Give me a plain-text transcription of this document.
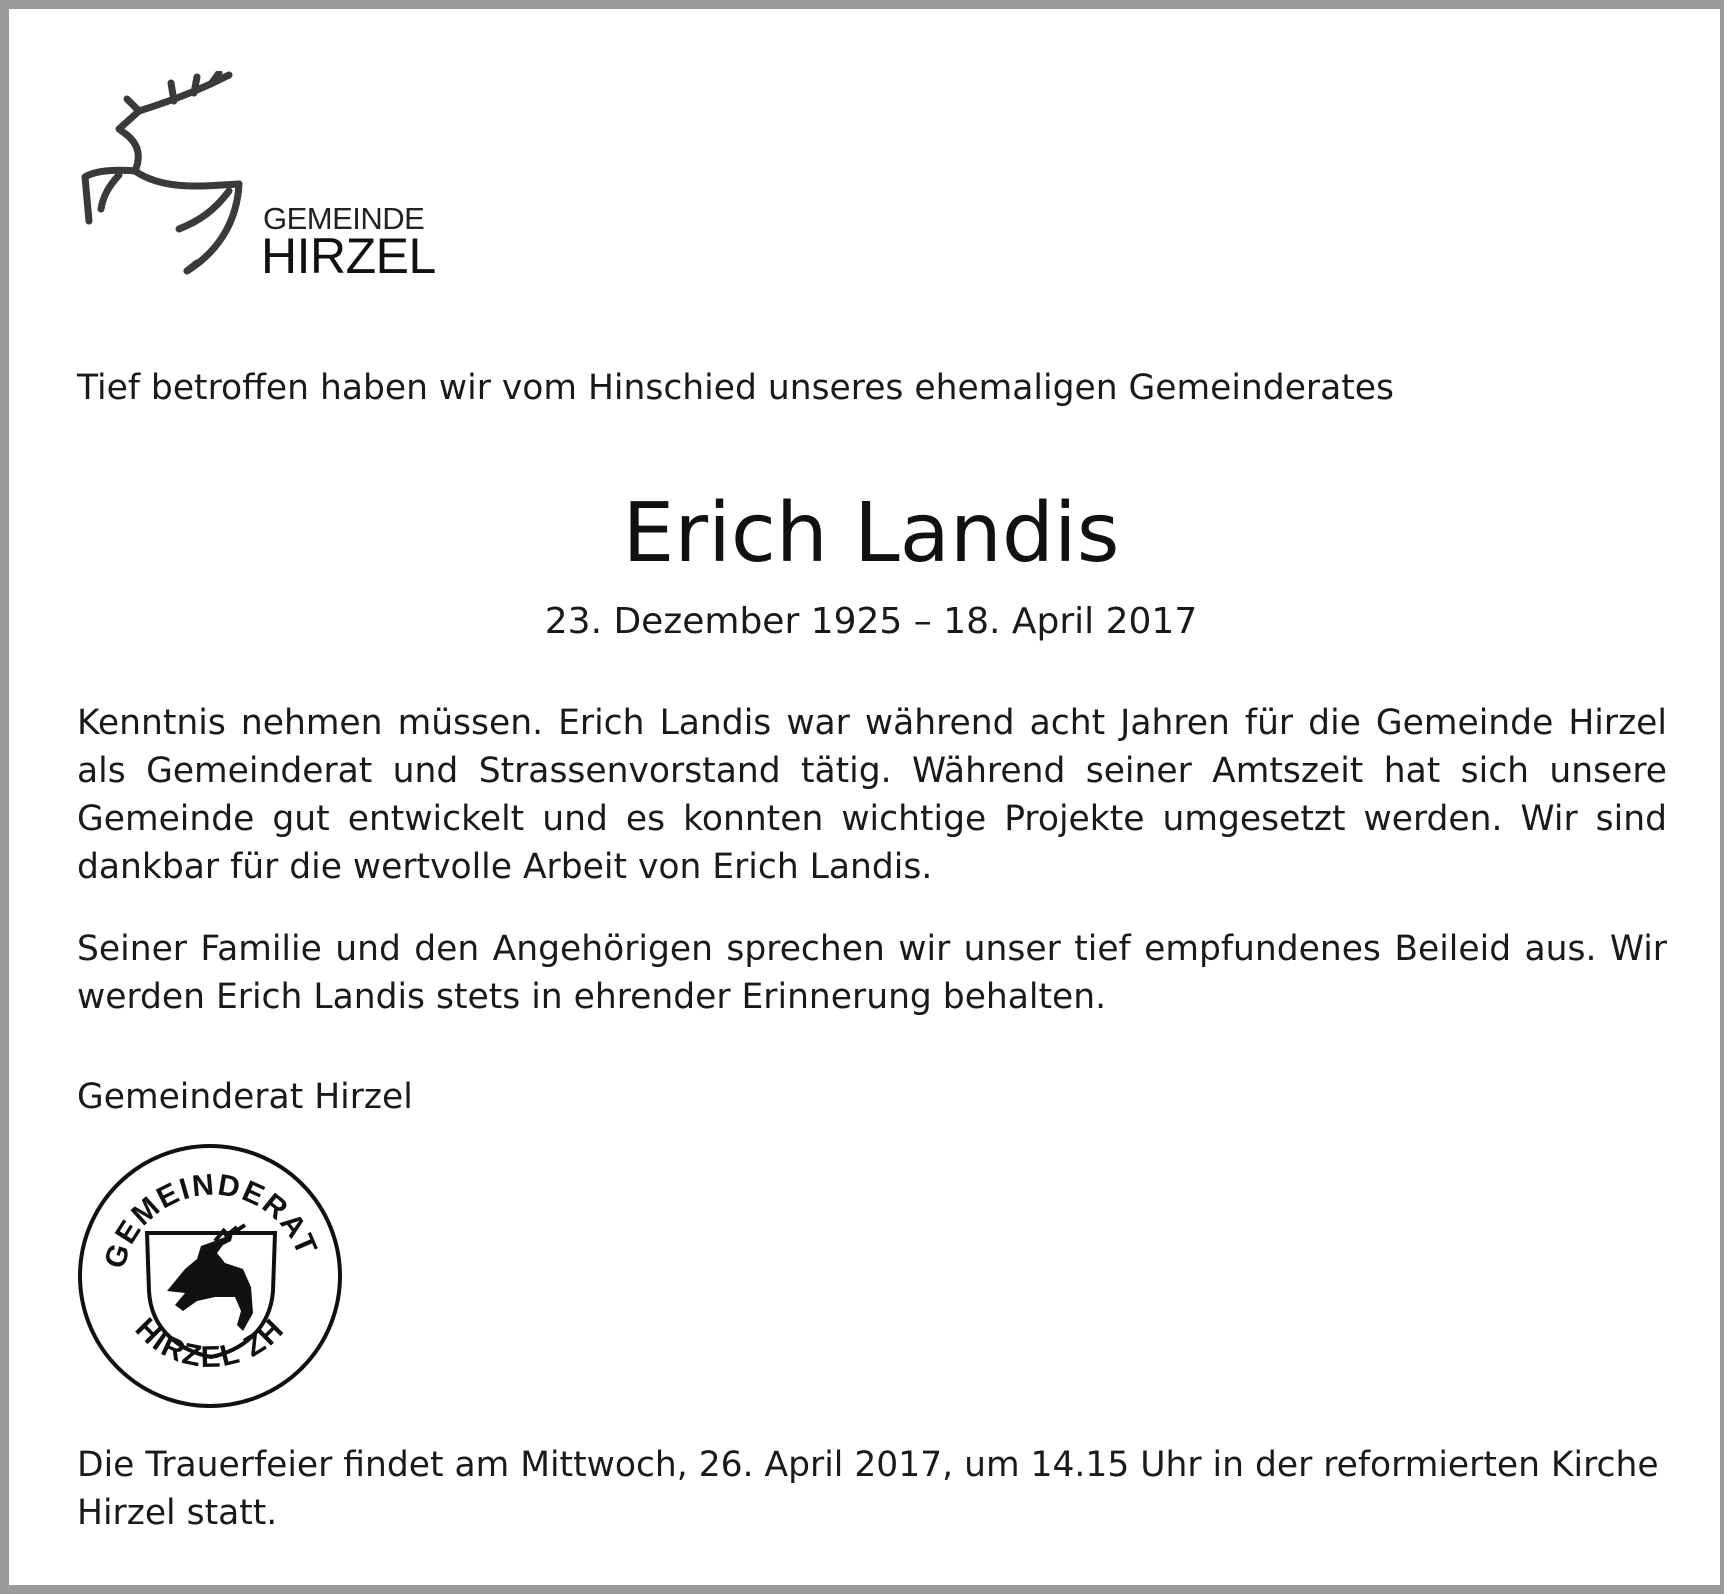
GEMEINDE
HIRZEL

Tief betroffen haben wir vom Hinschied unseres ehemaligen Gemeinderates

Erich Landis
23. Dezember 1925 – 18. April 2017

Kenntnis nehmen müssen. Erich Landis war während acht Jahren für die Gemeinde Hirzel als Gemeinderat und Strassenvorstand tätig. Während seiner Amtszeit hat sich unsere Gemeinde gut entwickelt und es konnten wichtige Projekte umgesetzt werden. Wir sind dankbar für die wertvolle Arbeit von Erich Landis.

Seiner Familie und den Angehörigen sprechen wir unser tief empfundenes Beileid aus. Wir werden Erich Landis stets in ehrender Erinnerung behalten.

Gemeinderat Hirzel

GEMEINDERAT
HIRZEL ZH

Die Trauerfeier findet am Mittwoch, 26. April 2017, um 14.15 Uhr in der reformierten Kirche Hirzel statt.
